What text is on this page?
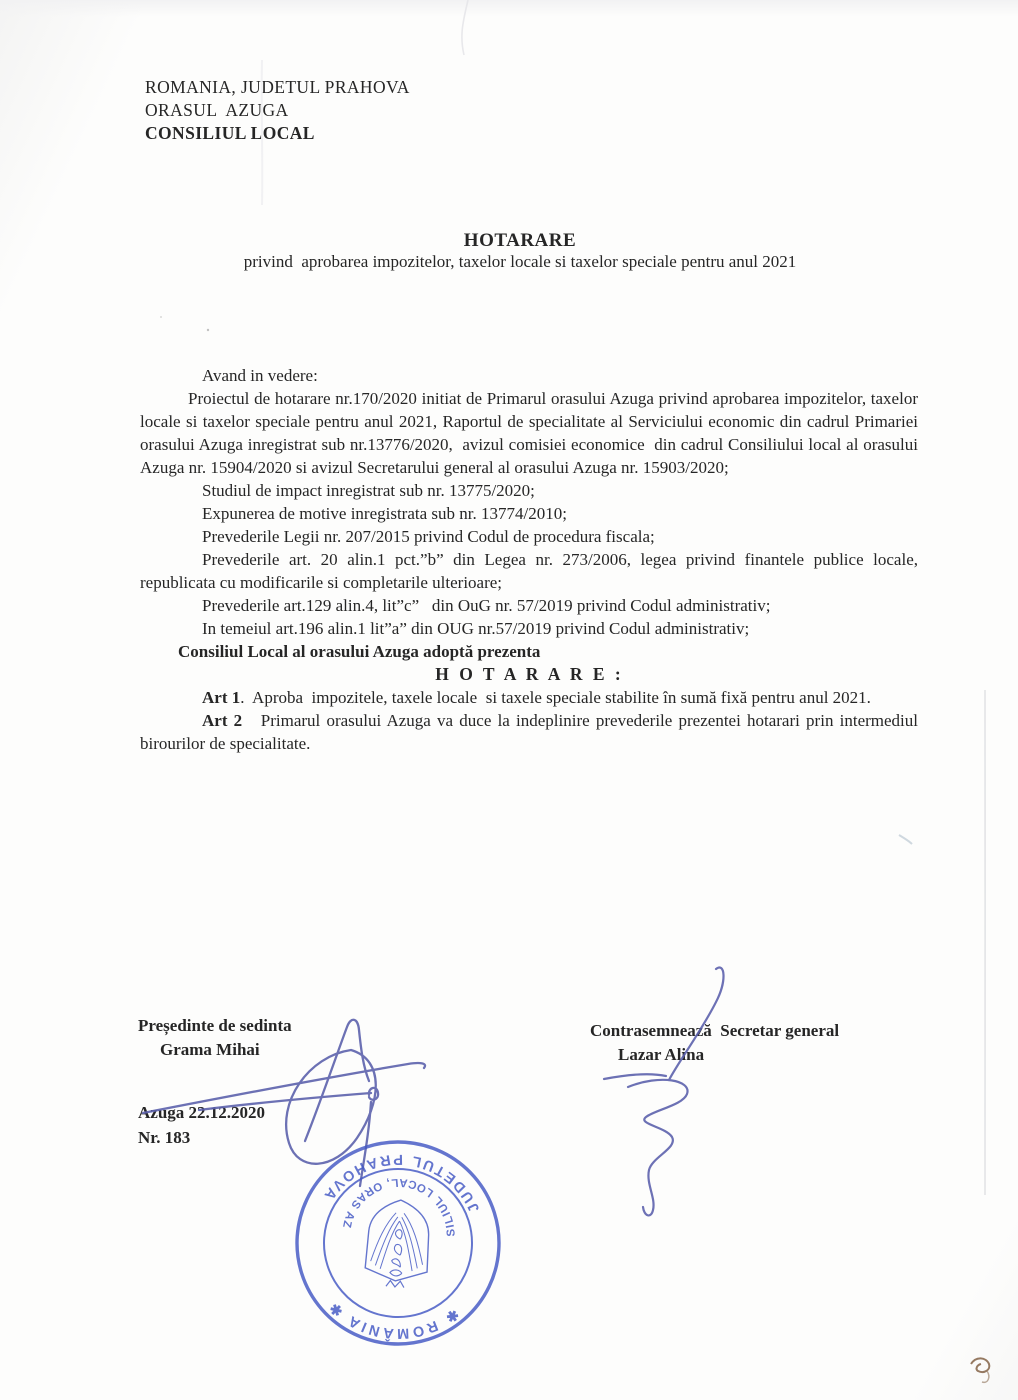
ROMANIA, JUDETUL PRAHOVA

ORASUL  AZUGA

CONSILIUL LOCAL

HOTARARE

privind  aprobarea impozitelor, taxelor locale si taxelor speciale pentru anul 2021

Avand in vedere:

Proiectul de hotarare nr.170/2020 initiat de Primarul orasului Azuga privind aprobarea impozitelor, taxelor locale si taxelor speciale pentru anul 2021, Raportul de specialitate al Serviciului economic din cadrul Primariei orasului Azuga inregistrat sub nr.13776/2020,  avizul comisiei economice  din cadrul Consiliului local al orasului Azuga nr. 15904/2020 si avizul Secretarului general al orasului Azuga nr. 15903/2020;

Studiul de impact inregistrat sub nr. 13775/2020;

Expunerea de motive inregistrata sub nr. 13774/2010;

Prevederile Legii nr. 207/2015 privind Codul de procedura fiscala;

Prevederile art. 20 alin.1 pct.”b” din Legea nr. 273/2006, legea privind finantele publice locale, republicata cu modificarile si completarile ulterioare;

Prevederile art.129 alin.4, lit”c”   din OuG nr. 57/2019 privind Codul administrativ;

In temeiul art.196 alin.1 lit”a” din OUG nr.57/2019 privind Codul administrativ;

Consiliul Local al orasului Azuga adoptă prezenta

H O T A R A R E :

Art 1.  Aproba  impozitele, taxele locale  si taxele speciale stabilite în sumă fixă pentru anul 2021.

Art 2   Primarul orasului Azuga va duce la indeplinire prevederile prezentei hotarari prin intermediul birourilor de specialitate.

Președinte de sedinta

Grama Mihai

Contrasemnează  Secretar general

Lazar Alina

Azuga 22.12.2020

Nr. 183

✱ ROMÂNIA ✱
JUDETUL PRAHOVA
CONSILIUL LOCAL, ORAS AZUGA
